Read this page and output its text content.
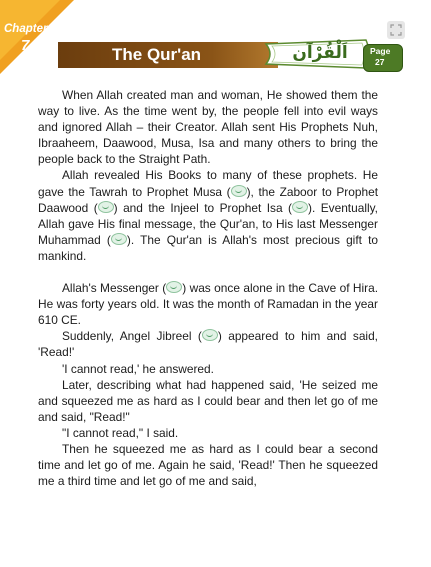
Chapter
7	The Qur'an	اَلْقُرْآن	Page
27

When Allah created man and woman, He showed them the way to live. As the time went by, the people fell into evil ways and ignored Allah – their Creator. Allah sent His Prophets Nuh, Ibraaheem, Daawood, Musa, Isa and many others to bring the people back to the Straight Path.

Allah revealed His Books to many of these prophets. He gave the Tawrah to Prophet Musa ( ), the Zaboor to Prophet Daawood ( ) and the Injeel to Prophet Isa ( ). Eventually, Allah gave His final message, the Qur'an, to His last Messenger Muhammad ( ). The Qur'an is Allah's most precious gift to mankind.

Allah's Messenger ( ) was once alone in the Cave of Hira. He was forty years old. It was the month of Ramadan in the year 610 CE.

Suddenly, Angel Jibreel ( ) appeared to him and said, 'Read!'

'I cannot read,' he answered.

Later, describing what had happened said, 'He seized me and squeezed me as hard as I could bear and then let go of me and said, "Read!"

"I cannot read," I said.

Then he squeezed me as hard as I could bear a second time and let go of me. Again he said, 'Read!' Then he squeezed me a third time and let go of me and said,
